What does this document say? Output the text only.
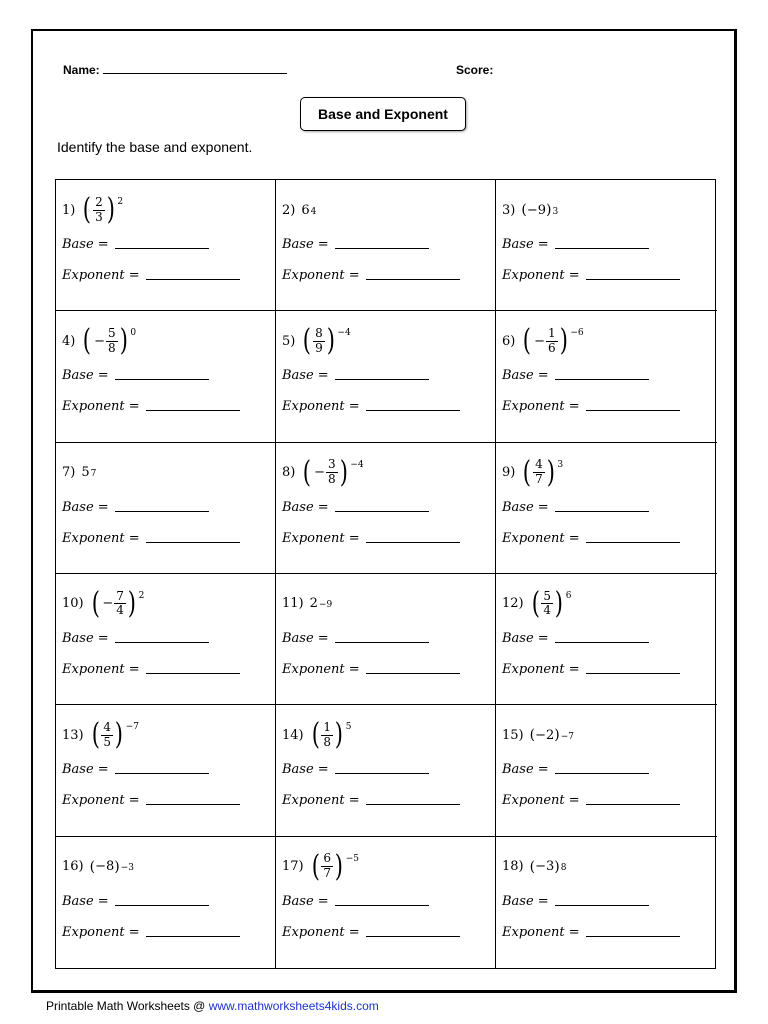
Name:	Score:
Base and Exponent
Identify the base and exponent.
1) ( $\frac{2}{3}$ ) 2
Base =
Exponent =
2) 6 4
Base =
Exponent =
3) ( −9 ) 3
Base =
Exponent =
4) ( − $\frac{5}{8}$ ) 0
Base =
Exponent =
5) ( $\frac{8}{9}$ ) −4
Base =
Exponent =
6) ( − $\frac{1}{6}$ ) −6
Base =
Exponent =
7) 5 7
Base =
Exponent =
8) ( − $\frac{3}{8}$ ) −4
Base =
Exponent =
9) ( $\frac{4}{7}$ ) 3
Base =
Exponent =
10) ( − $\frac{7}{4}$ ) 2
Base =
Exponent =
11) 2 −9
Base =
Exponent =
12) ( $\frac{5}{4}$ ) 6
Base =
Exponent =
13) ( $\frac{4}{5}$ ) −7
Base =
Exponent =
14) ( $\frac{1}{8}$ ) 5
Base =
Exponent =
15) ( −2 ) −7
Base =
Exponent =
16) ( −8 ) −3
Base =
Exponent =
17) ( $\frac{6}{7}$ ) −5
Base =
Exponent =
18) ( −3 ) 8
Base =
Exponent =
Printable Math Worksheets @ www.mathworksheets4kids.com
